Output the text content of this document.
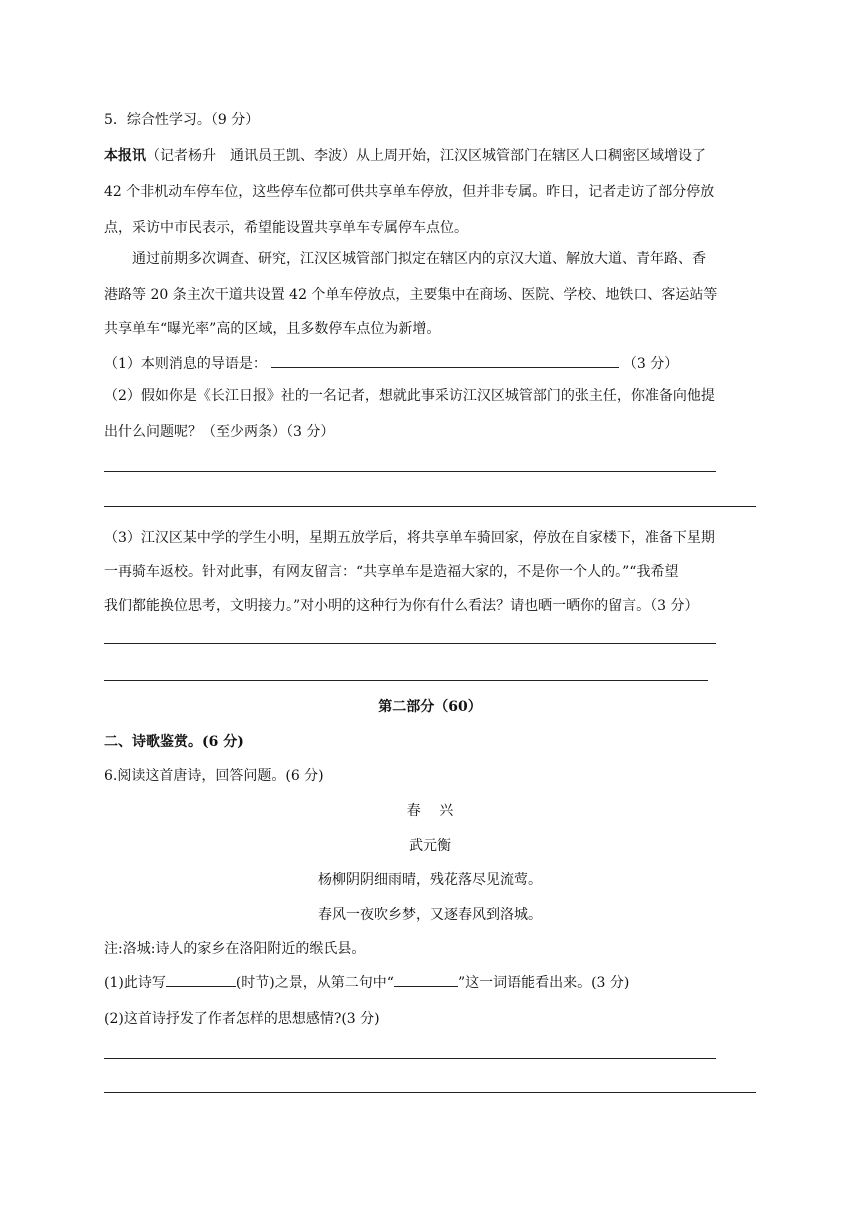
5．综合性学习。（9 分）
本报讯（记者杨升　通讯员王凯、李波）从上周开始，江汉区城管部门在辖区人口稠密区域增设了
42 个非机动车停车位，这些停车位都可供共享单车停放，但并非专属。昨日，记者走访了部分停放
点，采访中市民表示，希望能设置共享单车专属停车点位。
通过前期多次调查、研究，江汉区城管部门拟定在辖区内的京汉大道、解放大道、青年路、香
港路等 20 条主次干道共设置 42 个单车停放点，主要集中在商场、医院、学校、地铁口、客运站等
共享单车“曝光率”高的区域，且多数停车点位为新增。
（1）本则消息的导语是：	（3 分）
（2）假如你是《长江日报》社的一名记者，想就此事采访江汉区城管部门的张主任，你准备向他提
出什么问题呢？（至少两条）（3 分）
（3）江汉区某中学的学生小明，星期五放学后，将共享单车骑回家，停放在自家楼下，准备下星期
一再骑车返校。针对此事，有网友留言：“共享单车是造福大家的，不是你一个人的。”“我希望
我们都能换位思考，文明接力。”对小明的这种行为你有什么看法？请也晒一晒你的留言。（3 分）
第二部分（60）
二、诗歌鉴赏。(6 分)
6.阅读这首唐诗，回答问题。(6 分)
春　 兴
武元衡
杨柳阴阴细雨晴，残花落尽见流莺。
春风一夜吹乡梦，又逐春风到洛城。
注:洛城:诗人的家乡在洛阳附近的缑氏县。
(1)此诗写	(时节)之景，从第二句中“	”这一词语能看出来。(3 分)
(2)这首诗抒发了作者怎样的思想感情?(3 分)
